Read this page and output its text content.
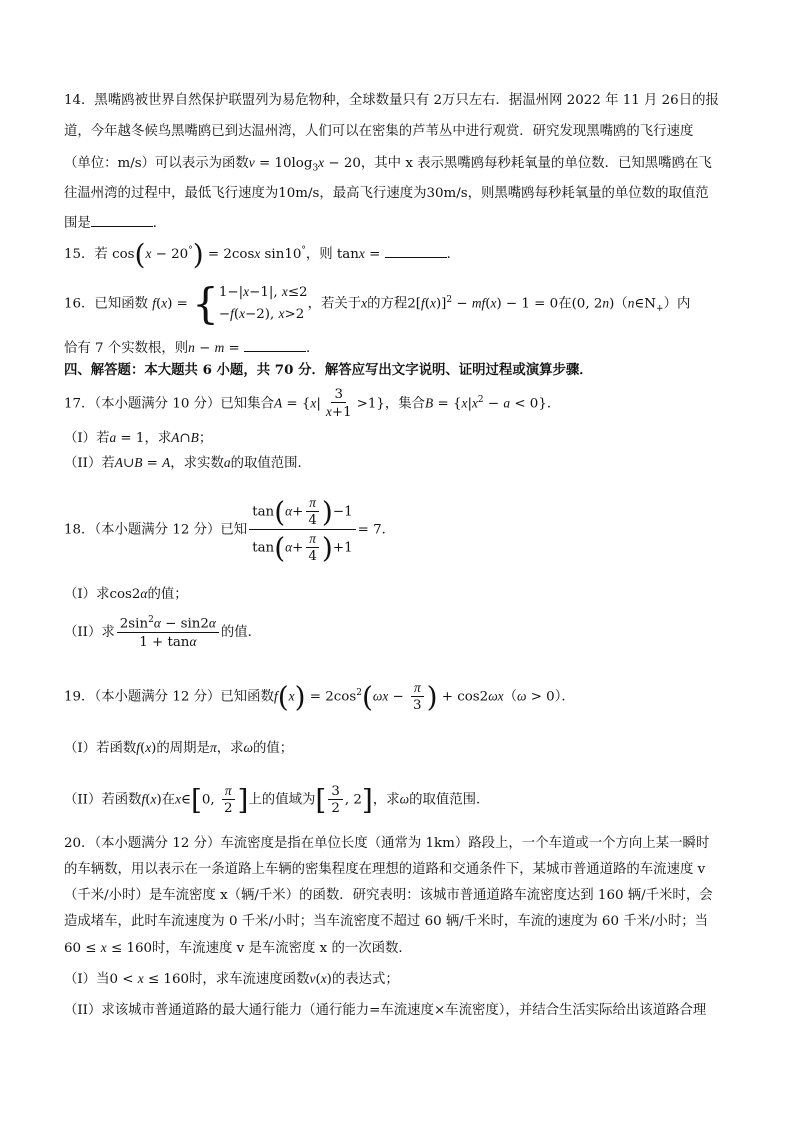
14．黑嘴鸥被世界自然保护联盟列为易危物种，全球数量只有 2万只左右．据温州网 2022 年 11 月 26日的报
道，今年越冬候鸟黑嘴鸥已到达温州湾，人们可以在密集的芦苇丛中进行观赏．研究发现黑嘴鸥的飞行速度
（单位：m/s）可以表示为函数$v = 10\log_3x - 20$，其中 x 表示黑嘴鸥每秒耗氧量的单位数．已知黑嘴鸥在飞
往温州湾的过程中，最低飞行速度为10m/s，最高飞行速度为30m/s，则黑嘴鸥每秒耗氧量的单位数的取值范
围是	．
15．若 cos(x − 20°) = 2cosx sin10°，则 tanx =	．
16．已知函数 f(x) = { 1−|x−1|, x≤2
−f(x−2), x>2
，若关于x的方程$2[f(x)]^2 - mf(x) - 1 = 0$在(0, $2n)(n\in N_+)$内
恰有 7 个实数根，则n − m =	．
四、解答题：本大题共 6 小题，共 70 分．解答应写出文字说明、证明过程或演算步骤．
17．（本小题满分 10 分）已知集合$A = \{x| \frac{3}{x+1} >1\}$，集合$B = \{x|x^2 - a < 0\}$．
（I）若a = 1，求A∩B；
（II）若A∪B = A，求实数a的取值范围．
18．（本小题满分 12 分）已知 $\frac{\tan(\alpha+ \frac{\pi}{4} )-1}{\tan(\alpha+ \frac{\pi}{4} )+1} = 7$．
（I）求cos2α的值；
（II）求 $\frac{2\sin^2\alpha - \sin 2\alpha}{1 + \tan\alpha}$ 的值．
19．（本小题满分 12 分）已知函数$f(x) = 2\cos^2(\omega x - \frac{\pi}{3}$ ) + cos2ωx（ω > 0）．
（I）若函数f(x)的周期是π，求ω的值；
（II）若函数f(x)在x∈[0, $\frac{\pi}{2}$ ]上的值域为[ $\frac{3}{2}$ , 2]，求ω的取值范围．
20．（本小题满分 12 分）车流密度是指在单位长度（通常为 1km）路段上，一个车道或一个方向上某一瞬时
的车辆数，用以表示在一条道路上车辆的密集程度在理想的道路和交通条件下，某城市普通道路的车流速度 v
（千米/小时）是车流密度 x（辆/千米）的函数．研究表明：该城市普通道路车流密度达到 160 辆/千米时，会
造成堵车，此时车流速度为 0 千米/小时；当车流密度不超过 60 辆/千米时，车流的速度为 60 千米/小时；当
60 ≤ x ≤ 160时，车流速度 v 是车流密度 x 的一次函数．
（I）当0 < x ≤ 160时，求车流速度函数v(x)的表达式；
（II）求该城市普通道路的最大通行能力（通行能力=车流速度×车流密度），并结合生活实际给出该道路合理
